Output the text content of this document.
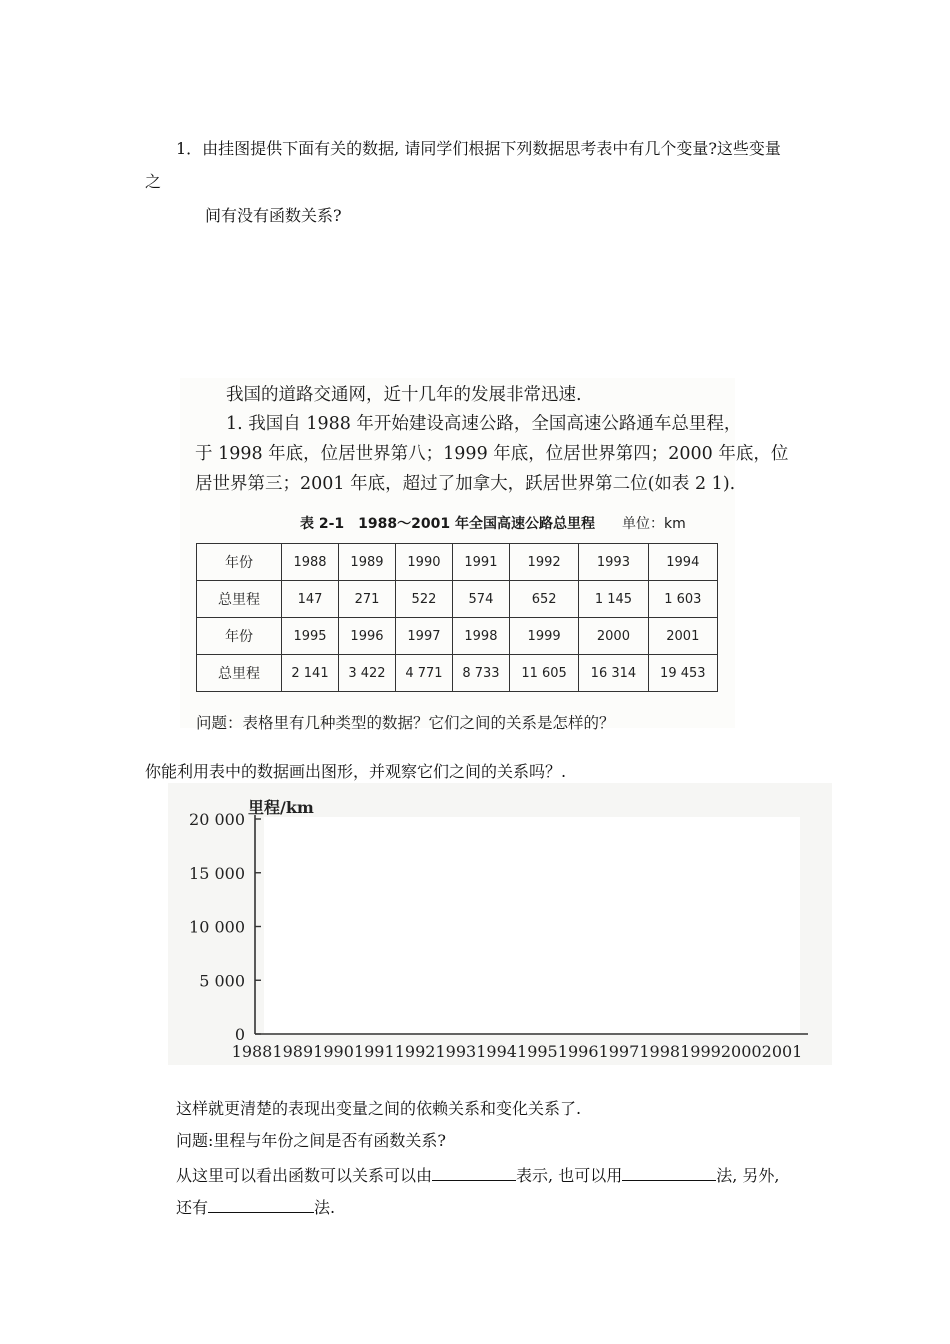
1．由挂图提供下面有关的数据, 请同学们根据下列数据思考表中有几个变量?这些变量
之
间有没有函数关系?
我国的道路交通网，近十几年的发展非常迅速.
1. 我国自 1988 年开始建设高速公路，全国高速公路通车总里程，
于 1998 年底，位居世界第八；1999 年底，位居世界第四；2000 年底，位
居世界第三；2001 年底，超过了加拿大，跃居世界第二位(如表 2 1).
表 2-1　1988～2001 年全国高速公路总里程 单位：km
年份	1988	1989	1990	1991	1992	1993	1994
总里程	147	271	522	574	652	1 145	1 603
年份	1995	1996	1997	1998	1999	2000	2001
总里程	2 141	3 422	4 771	8 733	11 605	16 314	19 453
问题：表格里有几种类型的数据？它们之间的关系是怎样的？
你能利用表中的数据画出图形，并观察它们之间的关系吗？.
里程/km
0
5 000
10 000
15 000
20 000
1988 1989 1990 1991 1992 1993 1994 1995 1996 1997 1998 1999 2000 2001
这样就更清楚的表现出变量之间的依赖关系和变化关系了.
问题:里程与年份之间是否有函数关系?
从这里可以看出函数可以关系可以由	表示, 也可以用	法, 另外,
还有	法.
